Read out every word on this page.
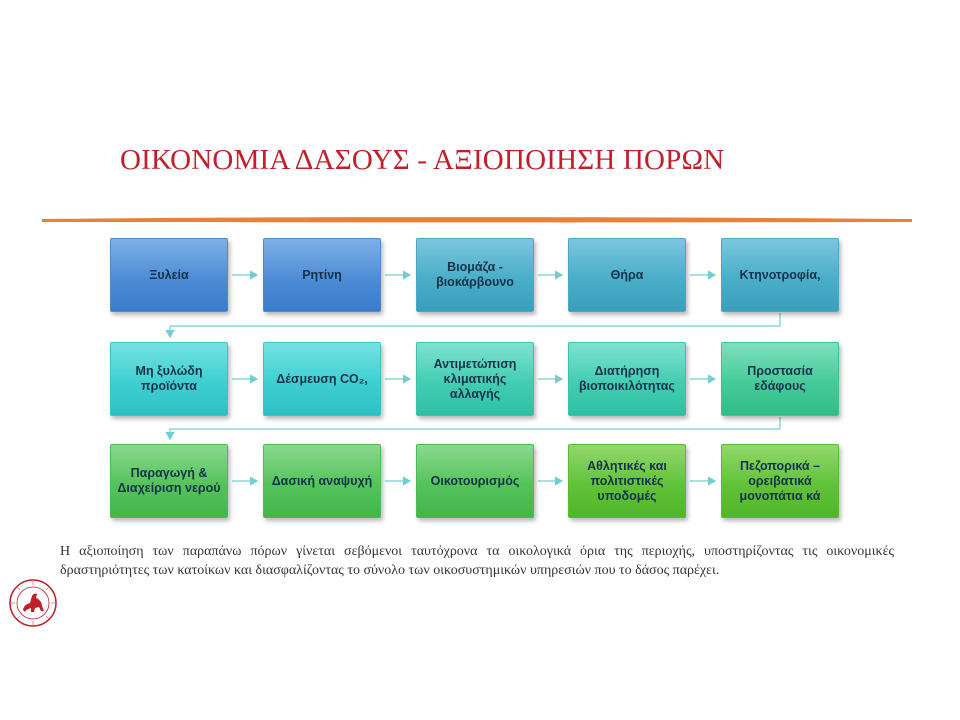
ΟΙΚΟΝΟΜΙΑ ΔΑΣΟΥΣ - ΑΞΙΟΠΟΙΗΣΗ ΠΟΡΩΝ
Ξυλεία	Ρητίνη
Βιομάζα - βιοκάρβουνο
Θήρα	Κτηνοτροφία,
Μη ξυλώδη προϊόντα
Δέσμευση CO₂,
Αντιμετώπιση κλιματικής αλλαγής
Διατήρηση βιοποικιλότητας
Προστασία εδάφους
Παραγωγή & Διαχείριση νερού
Δασική αναψυχή	Οικοτουρισμός
Αθλητικές και πολιτιστικές υποδομές
Πεζοπορικά – ορειβατικά μονοπάτια κά
Η αξιοποίηση των παραπάνω πόρων γίνεται σεβόμενοι ταυτόχρονα τα οικολογικά όρια της περιοχής, υποστηρίζοντας τις οικονομικές δραστηριότητες των κατοίκων και διασφαλίζοντας το σύνολο των οικοσυστημικών υπηρεσιών που το δάσος παρέχει.
